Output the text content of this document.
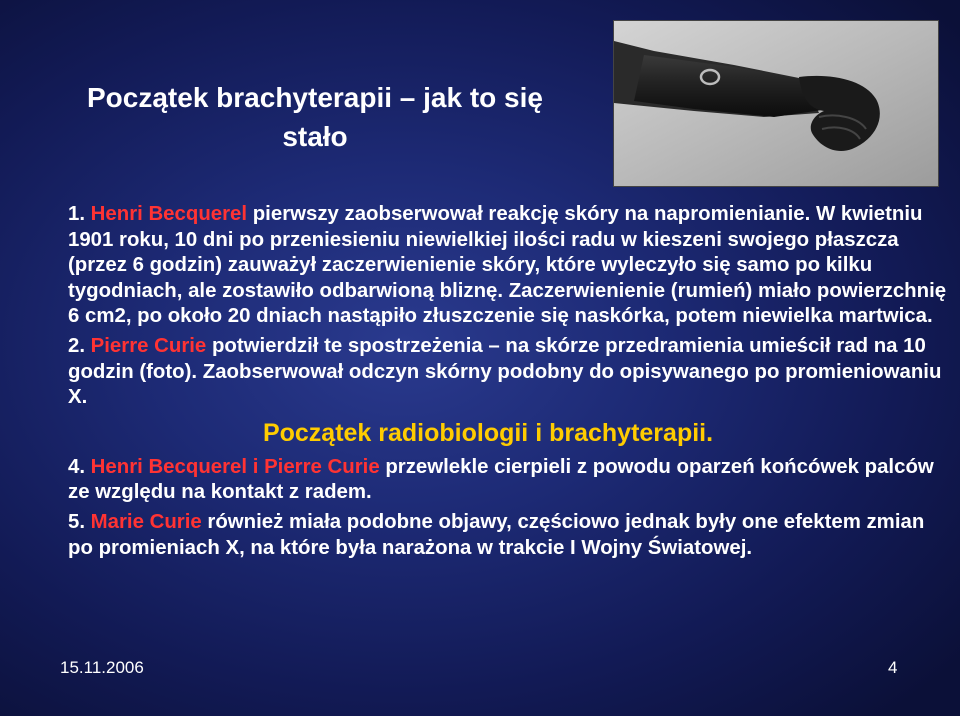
Początek brachyterapii – jak to się
stało

1. Henri Becquerel pierwszy zaobserwował reakcję skóry na napromienianie. W kwietniu 1901 roku, 10 dni po przeniesieniu niewielkiej ilości radu w kieszeni swojego płaszcza (przez 6 godzin) zauważył zaczerwienienie skóry, które wyleczyło się samo po kilku tygodniach, ale zostawiło odbarwioną bliznę. Zaczerwienienie (rumień) miało powierzchnię 6 cm2, po około 20 dniach nastąpiło złuszczenie się naskórka, potem niewielka martwica.

2. Pierre Curie potwierdził te spostrzeżenia – na skórze przedramienia umieścił rad na 10 godzin (foto). Zaobserwował odczyn skórny podobny do opisywanego po promieniowaniu X.

Początek radiobiologii i brachyterapii.

4. Henri Becquerel i Pierre Curie przewlekle cierpieli z powodu oparzeń końcówek palców ze względu na kontakt z radem.

5. Marie Curie również miała podobne objawy, częściowo jednak były one efektem zmian po promieniach X, na które była narażona w trakcie I Wojny Światowej.

15.11.2006	4
